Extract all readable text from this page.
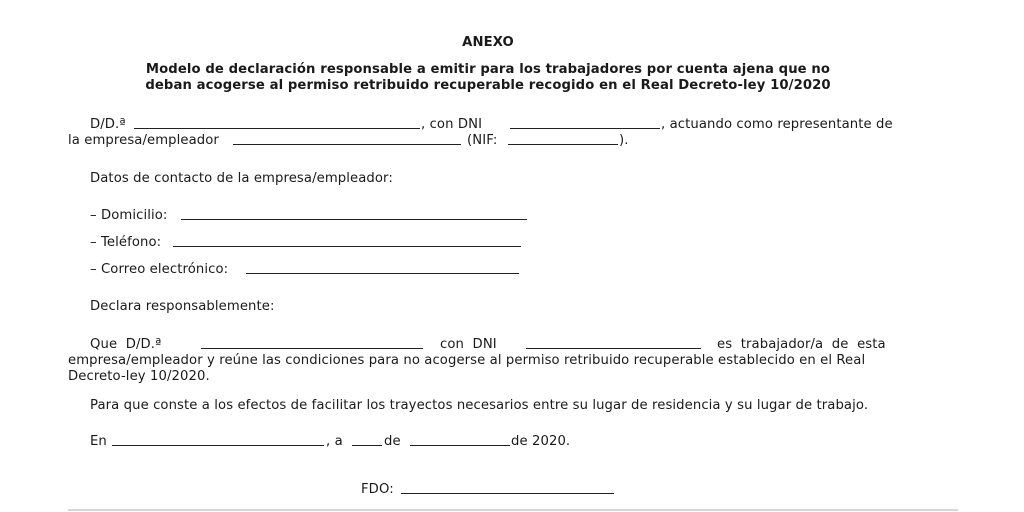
ANEXO
Modelo de declaración responsable a emitir para los trabajadores por cuenta ajena que no
deban acogerse al permiso retribuido recuperable recogido en el Real Decreto-ley 10/2020
D/D.ª	, con DNI	, actuando como representante de
la empresa/empleador	(NIF:	).
Datos de contacto de la empresa/empleador:
– Domicilio:
– Teléfono:
– Correo electrónico:
Declara responsablemente:
Que  D/D.ª	con  DNI	es  trabajador/a  de  esta
empresa/empleador y reúne las condiciones para no acogerse al permiso retribuido recuperable establecido en el Real
Decreto-ley 10/2020.
Para que conste a los efectos de facilitar los trayectos necesarios entre su lugar de residencia y su lugar de trabajo.
En	, a	de	de 2020.
FDO:
